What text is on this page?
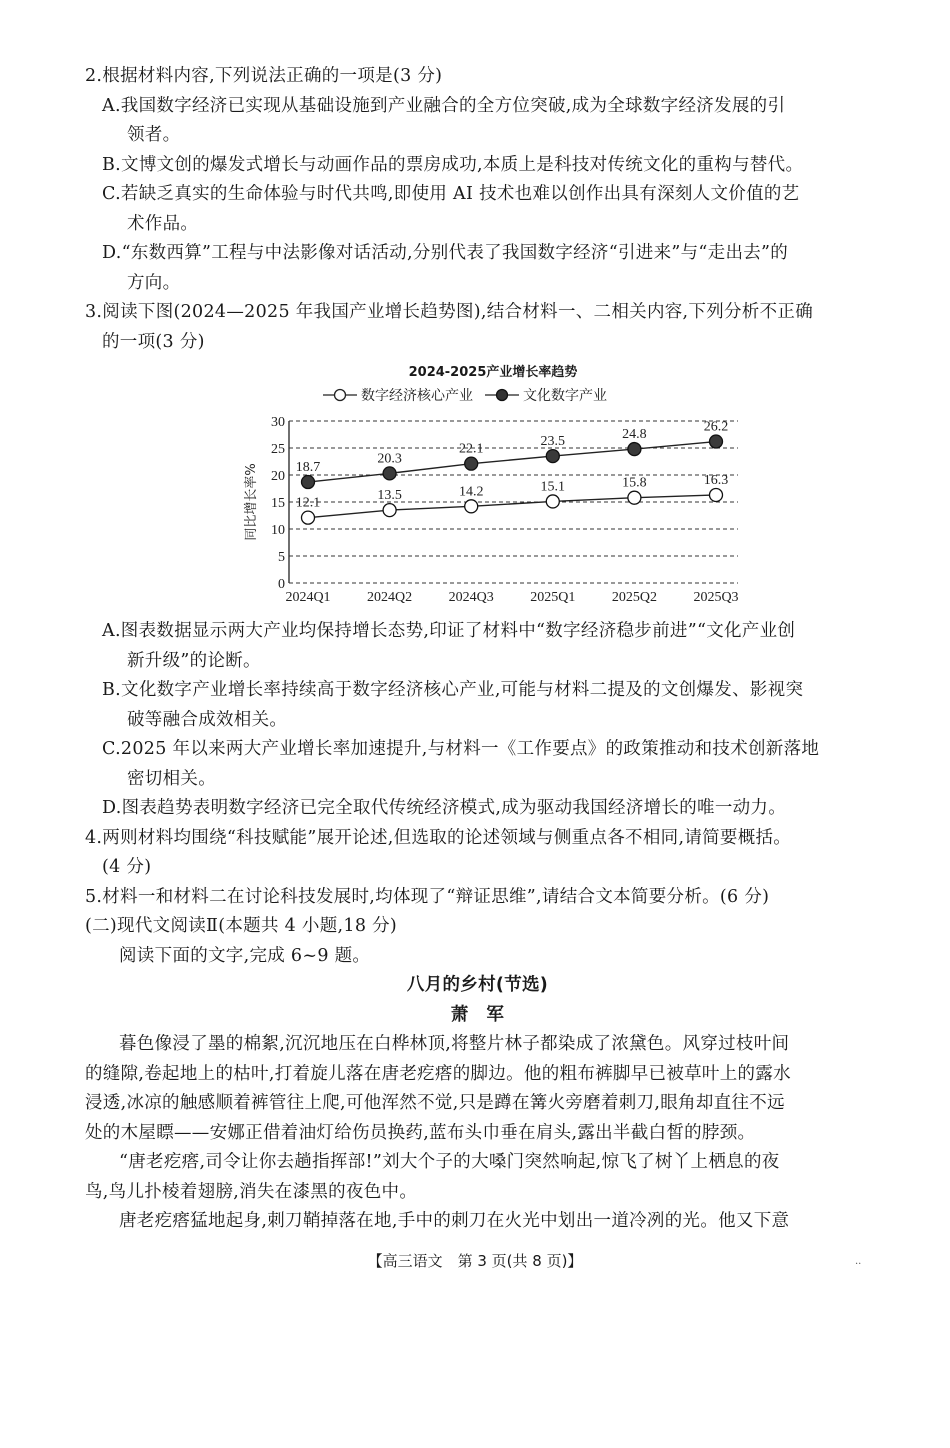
2.根据材料内容,下列说法正确的一项是(3 分)
A.我国数字经济已实现从基础设施到产业融合的全方位突破,成为全球数字经济发展的引
领者。
B.文博文创的爆发式增长与动画作品的票房成功,本质上是科技对传统文化的重构与替代。
C.若缺乏真实的生命体验与时代共鸣,即使用 AI 技术也难以创作出具有深刻人文价值的艺
术作品。
D.“东数西算”工程与中法影像对话活动,分别代表了我国数字经济“引进来”与“走出去”的
方向。
3.阅读下图(2024—2025 年我国产业增长趋势图),结合材料一、二相关内容,下列分析不正确
的一项(3 分)
2024-2025产业增长率趋势
数字经济核心产业	文化数字产业
0
5
10
15
20
25
30
同比增长率%
2024Q1	2024Q2	2024Q3	2025Q1	2025Q2	2025Q3
12.1
13.5	14.2	15.1	15.8	16.3
18.7
20.3
22.1
23.5	24.8
26.2
A.图表数据显示两大产业均保持增长态势,印证了材料中“数字经济稳步前进”“文化产业创
新升级”的论断。
B.文化数字产业增长率持续高于数字经济核心产业,可能与材料二提及的文创爆发、影视突
破等融合成效相关。
C.2025 年以来两大产业增长率加速提升,与材料一《工作要点》的政策推动和技术创新落地
密切相关。
D.图表趋势表明数字经济已完全取代传统经济模式,成为驱动我国经济增长的唯一动力。
4.两则材料均围绕“科技赋能”展开论述,但选取的论述领域与侧重点各不相同,请简要概括。
(4 分)
5.材料一和材料二在讨论科技发展时,均体现了“辩证思维”,请结合文本简要分析。(6 分)
(二)现代文阅读Ⅱ(本题共 4 小题,18 分)
阅读下面的文字,完成 6~9 题。
八月的乡村(节选)
萧　军
暮色像浸了墨的棉絮,沉沉地压在白桦林顶,将整片林子都染成了浓黛色。风穿过枝叶间
的缝隙,卷起地上的枯叶,打着旋儿落在唐老疙瘩的脚边。他的粗布裤脚早已被草叶上的露水
浸透,冰凉的触感顺着裤管往上爬,可他浑然不觉,只是蹲在篝火旁磨着刺刀,眼角却直往不远
处的木屋瞟——安娜正借着油灯给伤员换药,蓝布头巾垂在肩头,露出半截白皙的脖颈。
“唐老疙瘩,司令让你去趟指挥部!”刘大个子的大嗓门突然响起,惊飞了树丫上栖息的夜
鸟,鸟儿扑棱着翅膀,消失在漆黑的夜色中。
唐老疙瘩猛地起身,刺刀鞘掉落在地,手中的刺刀在火光中划出一道冷冽的光。他又下意
【高三语文　第 3 页(共 8 页)】	..
